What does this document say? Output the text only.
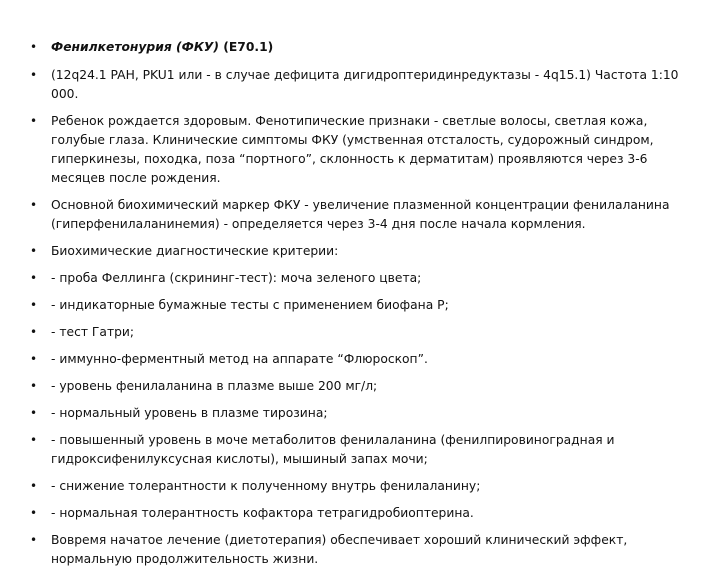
• Фенилкетонурия (ФКУ) (E70.1)
• (12q24.1 PAH, PKU1 или - в случае дефицита дигидроптеридинредуктазы - 4q15.1) Частота 1:10 000.
• Ребенок рождается здоровым. Фенотипические признаки - светлые волосы, светлая кожа, голубые глаза. Клинические симптомы ФКУ (умственная отсталость, судорожный синдром, гиперкинезы, походка, поза “портного”, склонность к дерматитам) проявляются через 3-6 месяцев после рождения.
• Основной биохимический маркер ФКУ - увеличение плазменной концентрации фенилаланина (гиперфенилаланинемия) - определяется через 3-4 дня после начала кормления.
• Биохимические диагностические критерии:
• - проба Феллинга (скрининг-тест): моча зеленого цвета;
• - индикаторные бумажные тесты с применением биофана P;
• - тест Гатри;
• - иммунно-ферментный метод на аппарате “Флюроскоп”.
• - уровень фенилаланина в плазме выше 200 мг/л;
• - нормальный уровень в плазме тирозина;
• - повышенный уровень в моче метаболитов фенилаланина (фенилпировиноградная и гидроксифенилуксусная кислоты), мышиный запах мочи;
• - снижение толерантности к полученному внутрь фенилаланину;
• - нормальная толерантность кофактора тетрагидробиоптерина.
• Вовремя начатое лечение (диетотерапия) обеспечивает хороший клинический эффект, нормальную продолжительность жизни.
